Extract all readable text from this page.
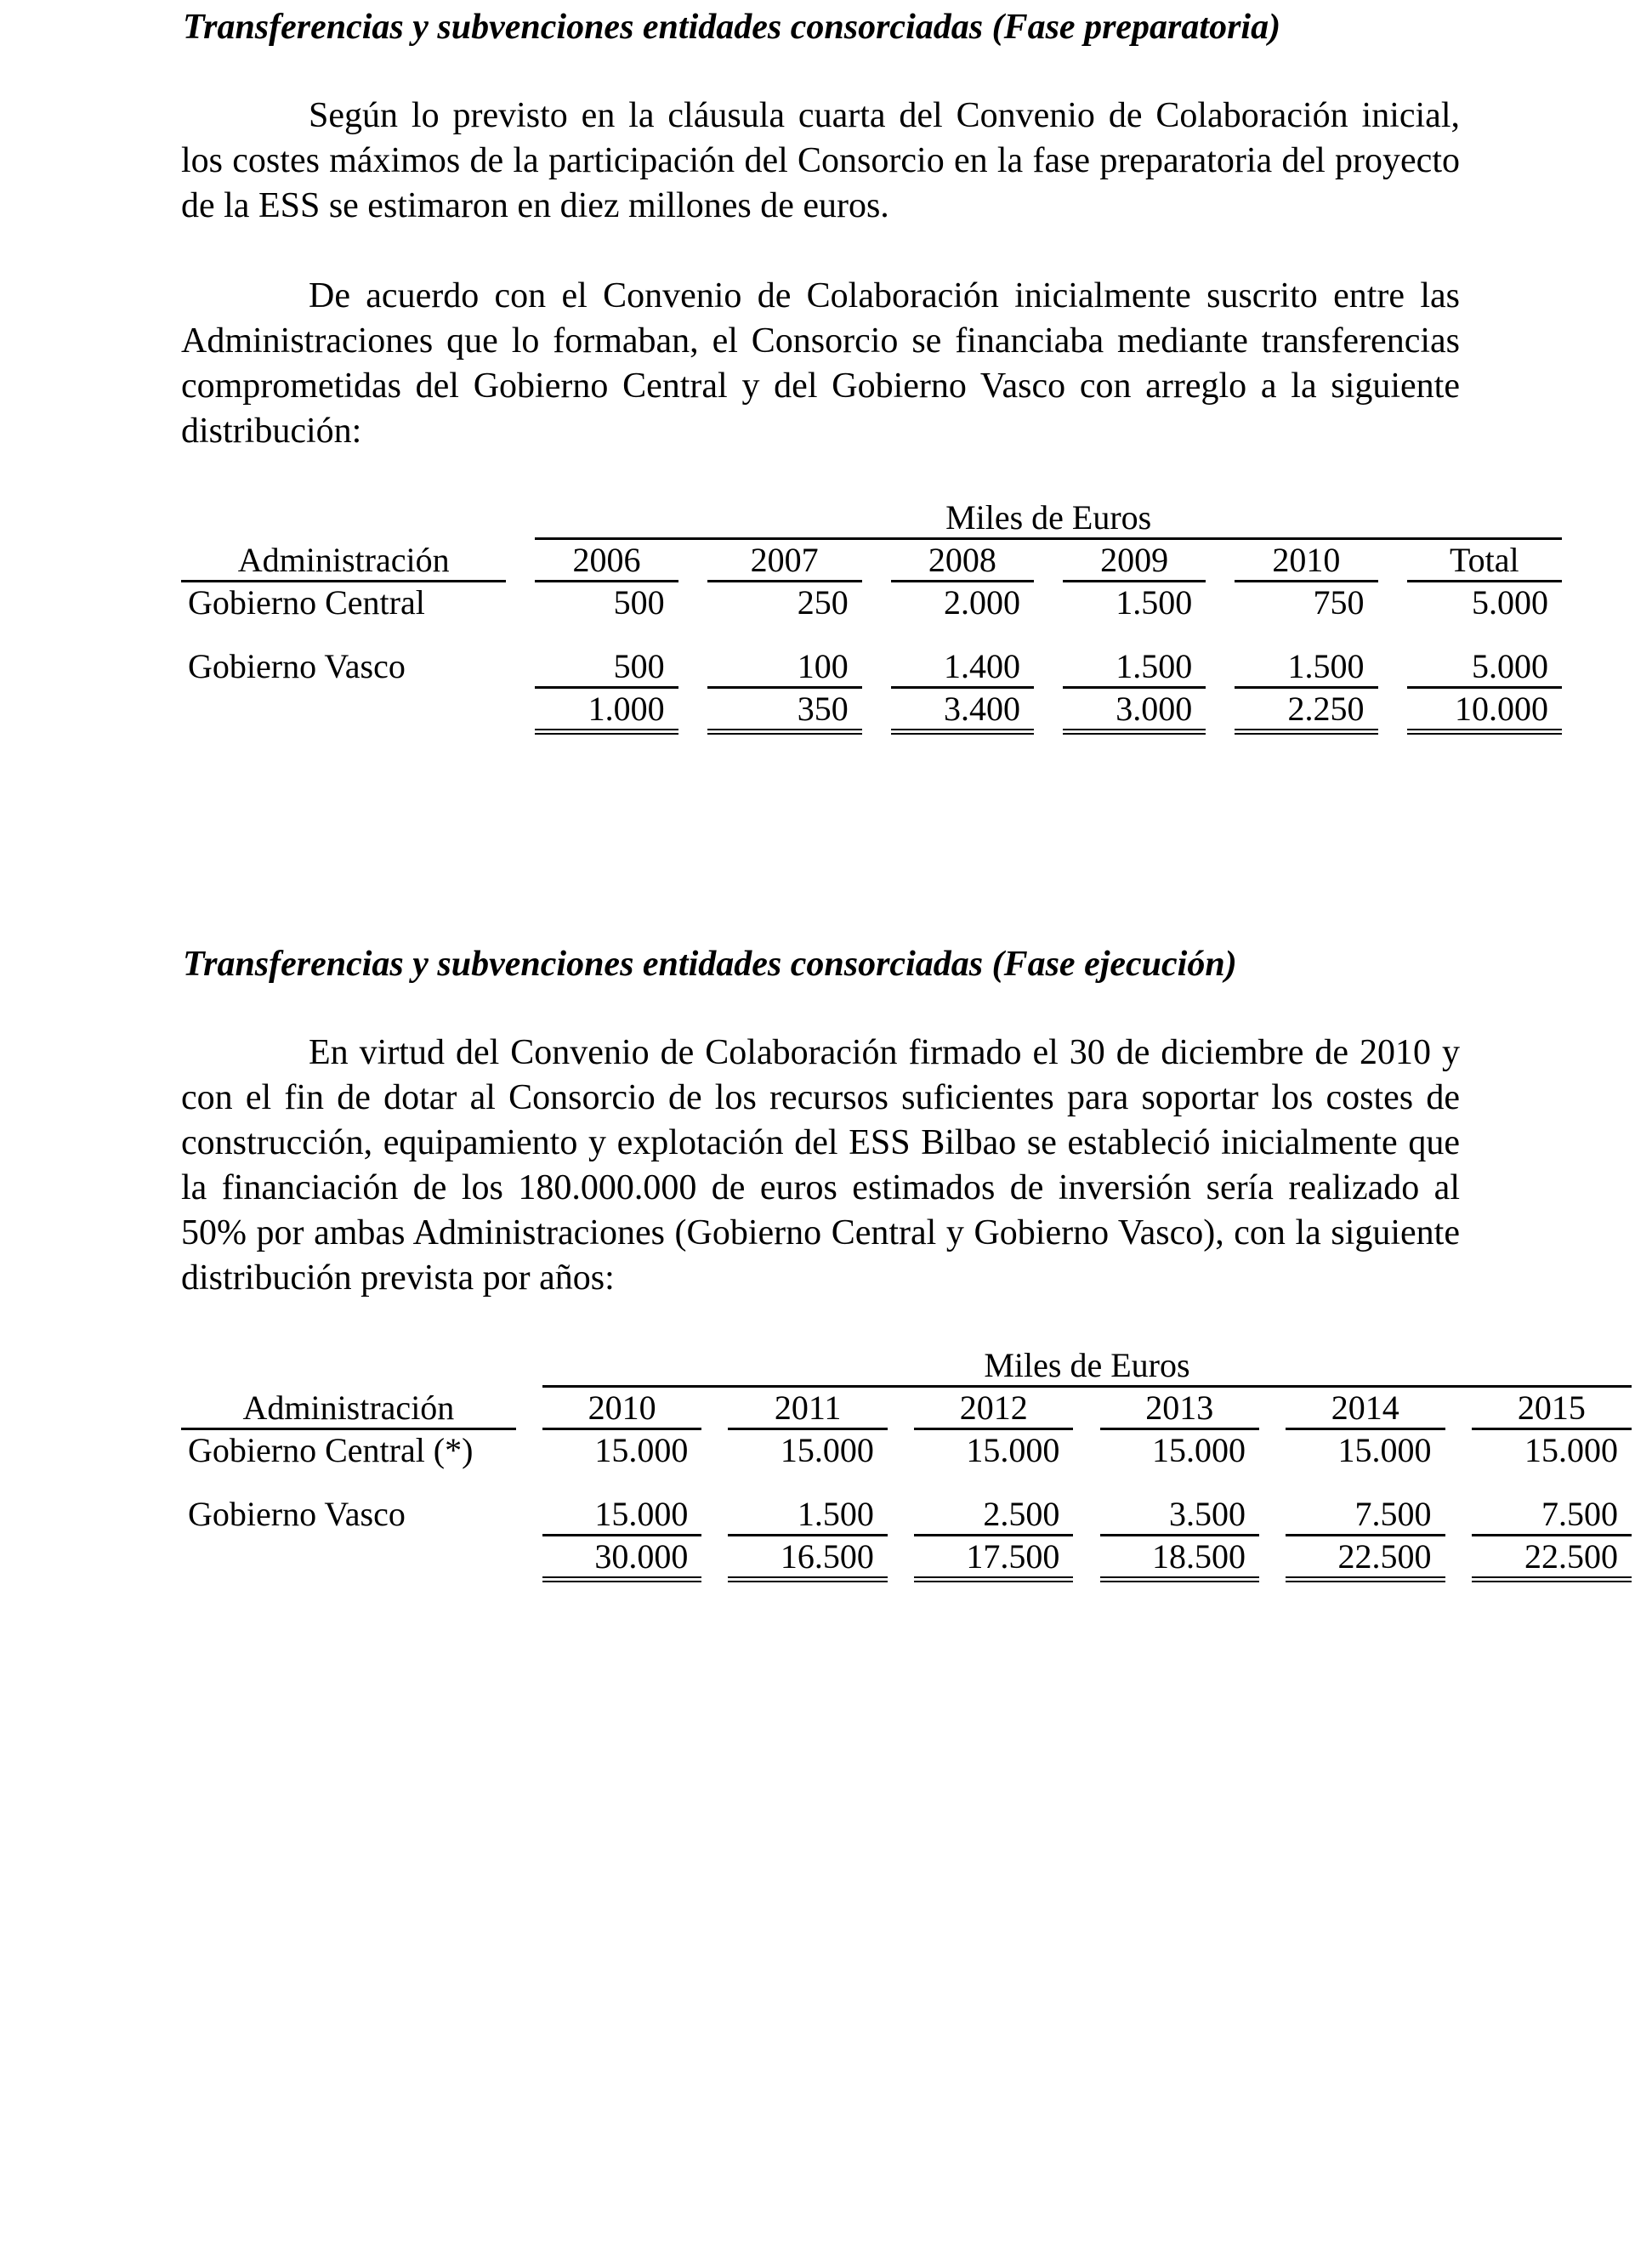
Transferencias y subvenciones entidades consorciadas (Fase preparatoria)

Según lo previsto en la cláusula cuarta del Convenio de Colaboración inicial, los costes máximos de la participación del Consorcio en la fase preparatoria del proyecto de la ESS se estimaron en diez millones de euros.

De acuerdo con el Convenio de Colaboración inicialmente suscrito entre las Administraciones que lo formaban, el Consorcio se financiaba mediante transferencias comprometidas del Gobierno Central y del Gobierno Vasco con arreglo a la siguiente distribución:

		Miles de Euros										
Administración		2006		2007		2008		2009		2010		Total
Gobierno Central		500		250		2.000		1.500		750		5.000
Gobierno Vasco		500		100		1.400		1.500		1.500		5.000
		1.000		350		3.400		3.000		2.250		10.000
Transferencias y subvenciones entidades consorciadas (Fase ejecución)

En virtud del Convenio de Colaboración firmado el 30 de diciembre de 2010 y con el fin de dotar al Consorcio de los recursos suficientes para soportar los costes de construcción, equipamiento y explotación del ESS Bilbao se estableció inicialmente que la financiación de los 180.000.000 de euros estimados de inversión sería realizado al 50% por ambas Administraciones (Gobierno Central y Gobierno Vasco), con la siguiente distribución prevista por años:

		Miles de Euros										
Administración		2010		2011		2012		2013		2014		2015
Gobierno Central (*)		15.000		15.000		15.000		15.000		15.000		15.000
Gobierno Vasco		15.000		1.500		2.500		3.500		7.500		7.500
		30.000		16.500		17.500		18.500		22.500		22.500
